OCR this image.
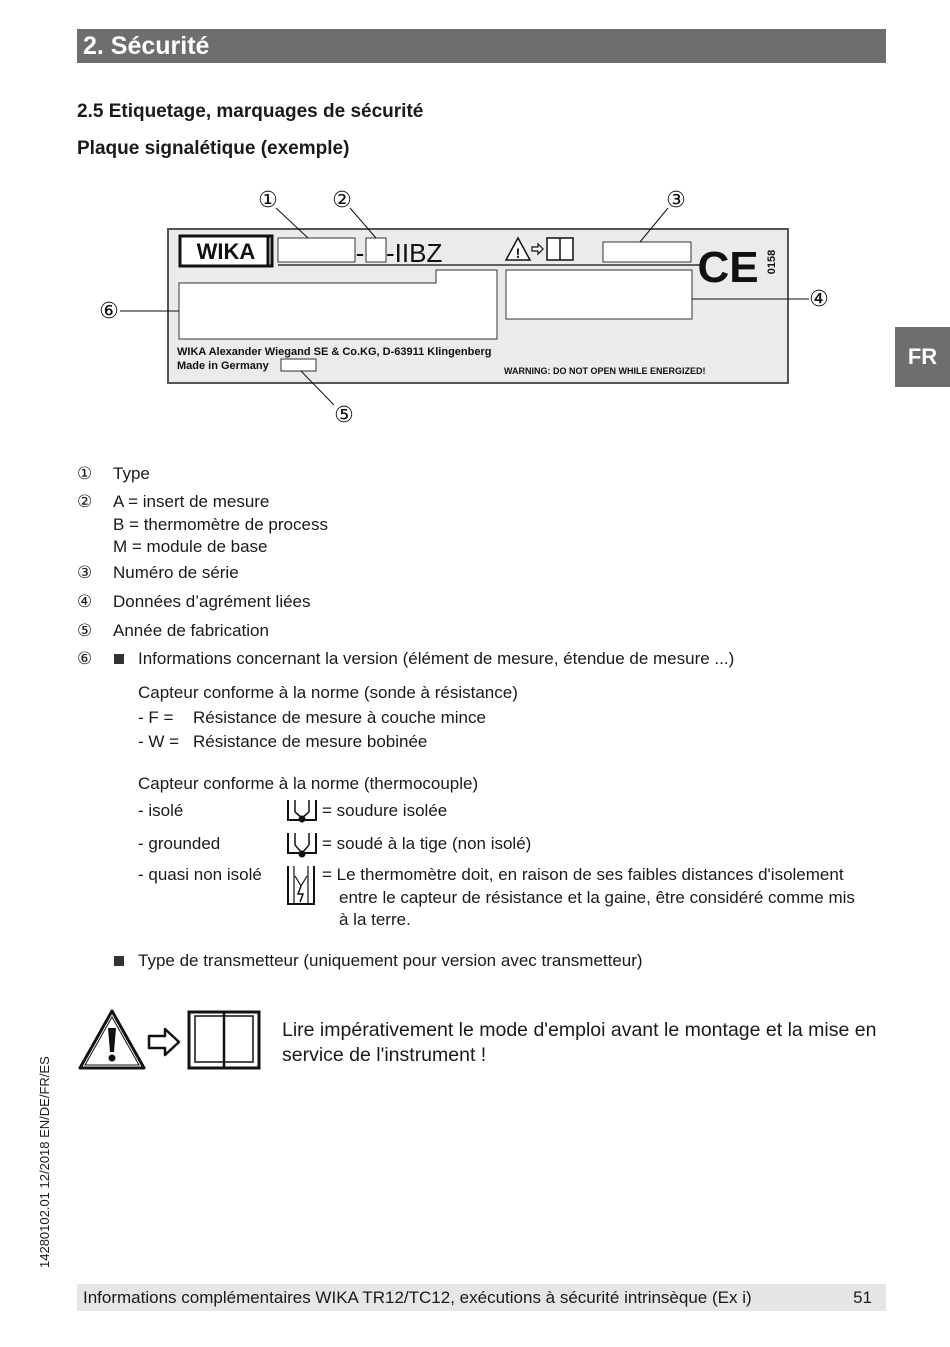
2. Sécurité
2.5 Etiquetage, marquages de sécurité
Plaque signalétique (exemple)
FR
WIKA	- -IIBZ	!	CE 0158
WIKA Alexander Wiegand SE & Co.KG, D-63911 Klingenberg
Made in Germany	WARNING: DO NOT OPEN WHILE ENERGIZED!
① ②	③
④
⑤
⑥
① Type
② A = insert de mesure
B = thermomètre de process
M = module de base
③ Numéro de série
④ Données d’agrément liées
⑤ Année de fabrication
⑥	Informations concernant la version (élément de mesure, étendue de mesure ...)
Capteur conforme à la norme (sonde à résistance)
- F = Résistance de mesure à couche mince
- W = Résistance de mesure bobinée
Capteur conforme à la norme (thermocouple)
- isolé	= soudure isolée
- grounded	= soudé à la tige (non isolé)
- quasi non isolé	= Le thermomètre doit, en raison de ses faibles distances d'isolement
entre le capteur de résistance et la gaine, être considéré comme mis
à la terre.
Type de transmetteur (uniquement pour version avec transmetteur)
Lire impérativement le mode d'emploi avant le montage et la mise en service de l'instrument !
14280102.01 12/2018 EN/DE/FR/ES
Informations complémentaires WIKA TR12/TC12, exécutions à sécurité intrinsèque (Ex i)	51
